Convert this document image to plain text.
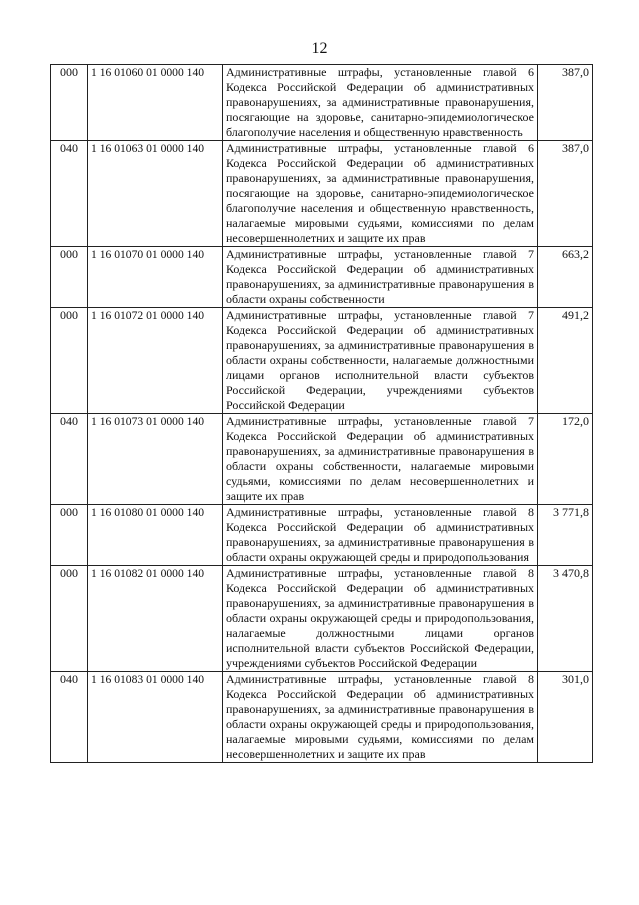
12
000	1 16 01060 01 0000 140	Административные штрафы, установленные главой 6 Кодекса Российской Федерации об административных правонарушениях, за административные правонарушения, посягающие на здоровье, санитарно-эпидемиологическое благополучие населения и общественную нравственность	387,0
040	1 16 01063 01 0000 140	Административные штрафы, установленные главой 6 Кодекса Российской Федерации об административных правонарушениях, за административные правонарушения, посягающие на здоровье, санитарно-эпидемиологическое благополучие населения и общественную нравственность, налагаемые мировыми судьями, комиссиями по делам несовершеннолетних и защите их прав	387,0
000	1 16 01070 01 0000 140	Административные штрафы, установленные главой 7 Кодекса Российской Федерации об административных правонарушениях, за административные правонарушения в области охраны собственности	663,2
000	1 16 01072 01 0000 140	Административные штрафы, установленные главой 7 Кодекса Российской Федерации об административных правонарушениях, за административные правонарушения в области охраны собственности, налагаемые должностными лицами органов исполнительной власти субъектов Российской Федерации, учреждениями субъектов Российской Федерации	491,2
040	1 16 01073 01 0000 140	Административные штрафы, установленные главой 7 Кодекса Российской Федерации об административных правонарушениях, за административные правонарушения в области охраны собственности, налагаемые мировыми судьями, комиссиями по делам несовершеннолетних и защите их прав	172,0
000	1 16 01080 01 0000 140	Административные штрафы, установленные главой 8 Кодекса Российской Федерации об административных правонарушениях, за административные правонарушения в области охраны окружающей среды и природопользования	3 771,8
000	1 16 01082 01 0000 140	Административные штрафы, установленные главой 8 Кодекса Российской Федерации об административных правонарушениях, за административные правонарушения в области охраны окружающей среды и природопользования, налагаемые должностными лицами органов исполнительной власти субъектов Российской Федерации, учреждениями субъектов Российской Федерации	3 470,8
040	1 16 01083 01 0000 140	Административные штрафы, установленные главой 8 Кодекса Российской Федерации об административных правонарушениях, за административные правонарушения в области охраны окружающей среды и природопользования, налагаемые мировыми судьями, комиссиями по делам несовершеннолетних и защите их прав	301,0
